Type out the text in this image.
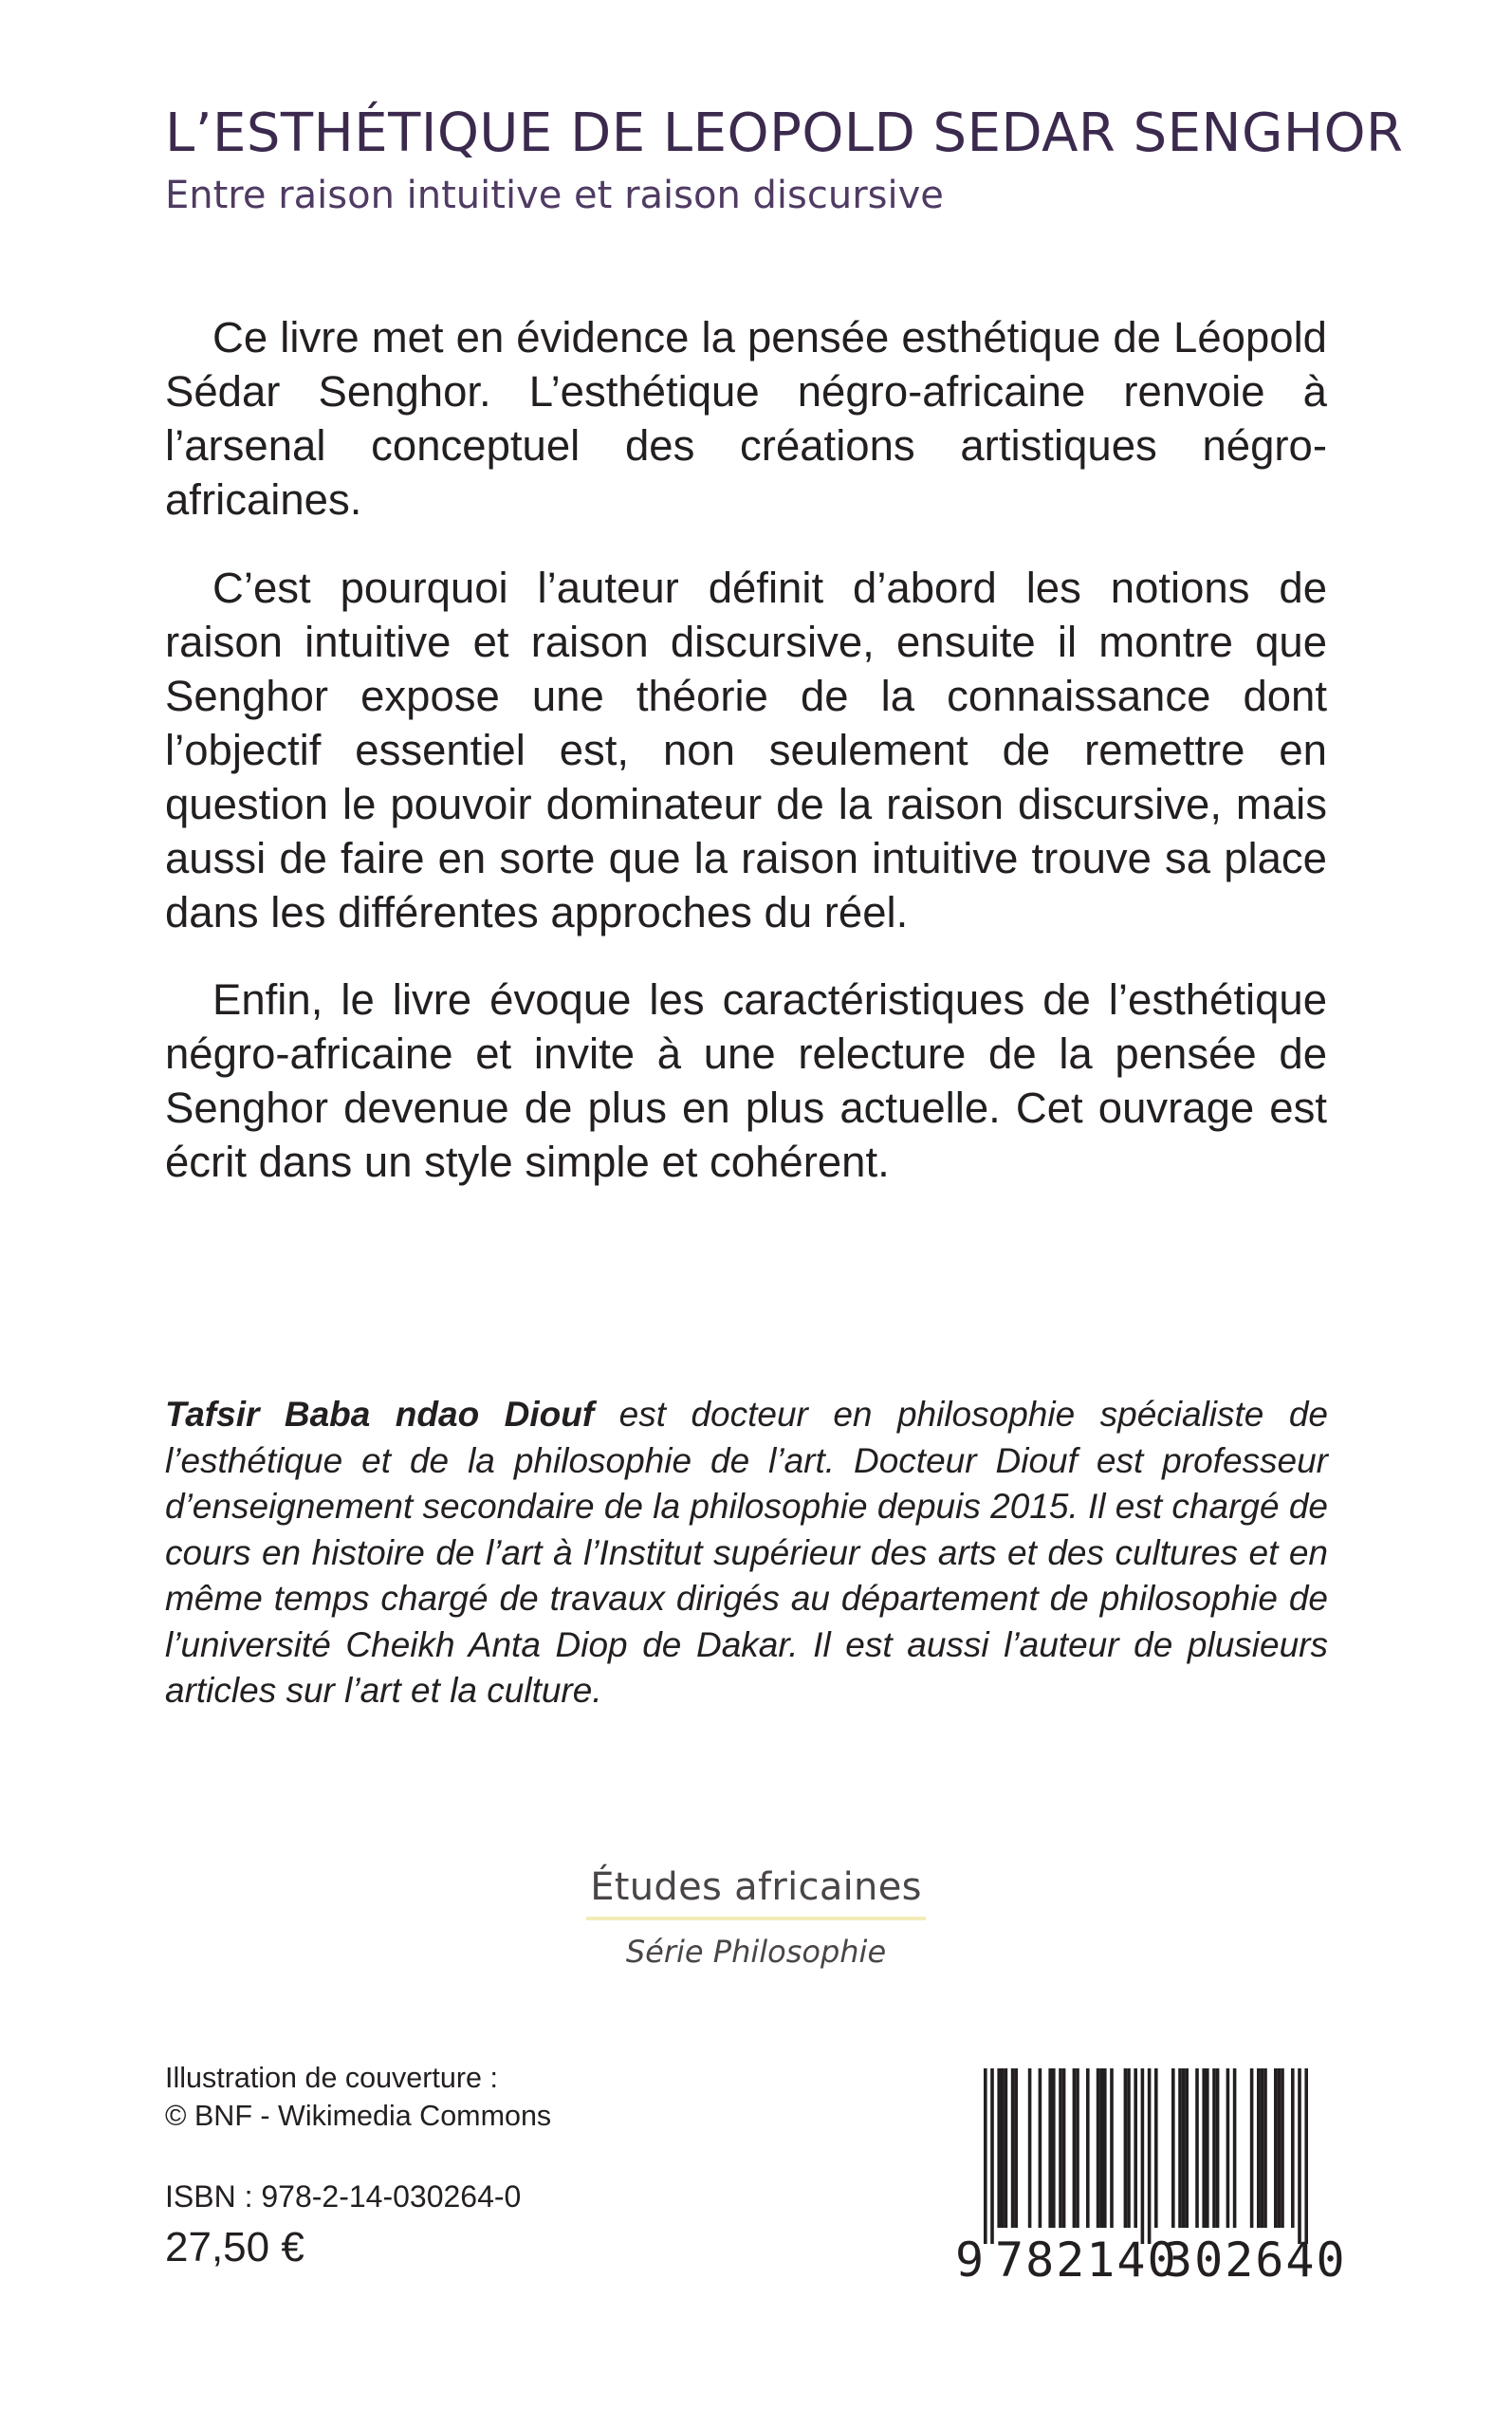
L’ESTHÉTIQUE DE LEOPOLD SEDAR SENGHOR
Entre raison intuitive et raison discursive

Ce livre met en évidence la pensée esthétique de Léopold Sédar Senghor. L’esthétique négro-africaine renvoie à l’arsenal conceptuel des créations artistiques négro-africaines.

C’est pourquoi l’auteur définit d’abord les notions de raison intuitive et raison discursive, ensuite il montre que Senghor expose une théorie de la connaissance dont l’objectif essentiel est, non seulement de remettre en question le pouvoir dominateur de la raison discursive, mais aussi de faire en sorte que la raison intuitive trouve sa place dans les différentes approches du réel.

Enfin, le livre évoque les caractéristiques de l’esthétique négro-africaine et invite à une relecture de la pensée de Senghor devenue de plus en plus actuelle. Cet ouvrage est écrit dans un style simple et cohérent.

Tafsir Baba ndao Diouf est docteur en philosophie spécialiste de l’esthétique et de la philosophie de l’art. Docteur Diouf est professeur d’enseignement secondaire de la philosophie depuis 2015. Il est chargé de cours en histoire de l’art à l’Institut supérieur des arts et des cultures et en même temps chargé de travaux dirigés au département de philosophie de l’université Cheikh Anta Diop de Dakar. Il est aussi l’auteur de plusieurs articles sur l’art et la culture.

Études africaines
Série Philosophie
Illustration de couverture :
© BNF - Wikimedia Commons
ISBN : 978-2-14-030264-0
27,50 €	9 782140
302640
